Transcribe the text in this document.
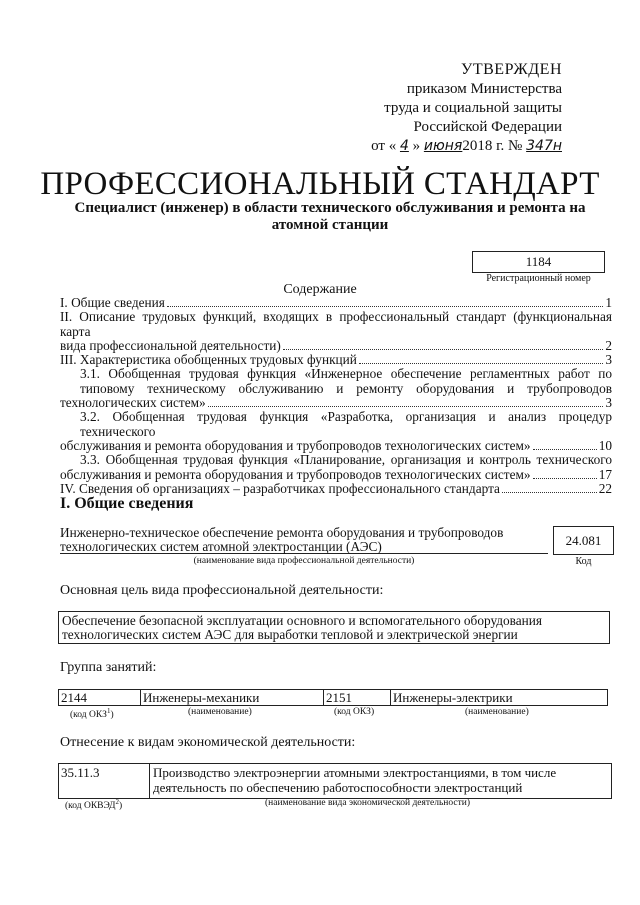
УТВЕРЖДЕН
приказом Министерства
труда и социальной защиты
Российской Федерации
от « 4 » июня2018 г. № 347н
ПРОФЕССИОНАЛЬНЫЙ СТАНДАРТ
Специалист (инженер) в области технического обслуживания и ремонта на атомной станции
1184
Регистрационный номер
Содержание
I. Общие сведения	1
II. Описание трудовых функций, входящих в профессиональный стандарт (функциональная карта
вида профессиональной деятельности)	2
III. Характеристика обобщенных трудовых функций	3
3.1. Обобщенная трудовая функция «Инженерное обеспечение регламентных работ по типовому техническому обслуживанию и ремонту оборудования и трубопроводов
технологических систем»	3
3.2. Обобщенная трудовая функция «Разработка, организация и анализ процедур технического
обслуживания и ремонта оборудования и трубопроводов технологических систем»	10
3.3. Обобщенная трудовая функция «Планирование, организация и контроль технического
обслуживания и ремонта оборудования и трубопроводов технологических систем»	17
IV. Сведения об организациях – разработчиках профессионального стандарта	22
I. Общие сведения
Инженерно-техническое обеспечение ремонта оборудования и трубопроводов технологических систем атомной электростанции (АЭС)
(наименование вида профессиональной деятельности)
24.081
Код
Основная цель вида профессиональной деятельности:
Обеспечение безопасной эксплуатации основного и вспомогательного оборудования технологических систем АЭС для выработки тепловой и электрической энергии
Группа занятий:
2144	Инженеры-механики	2151	Инженеры-электрики
(код ОКЗ$^1$)	(наименование)	(код ОКЗ)	(наименование)
Отнесение к видам экономической деятельности:
35.11.3	Производство электроэнергии атомными электростанциями, в том числе деятельность по обеспечению работоспособности электростанций
(код ОКВЭД$^2$)	(наименование вида экономической деятельности)
